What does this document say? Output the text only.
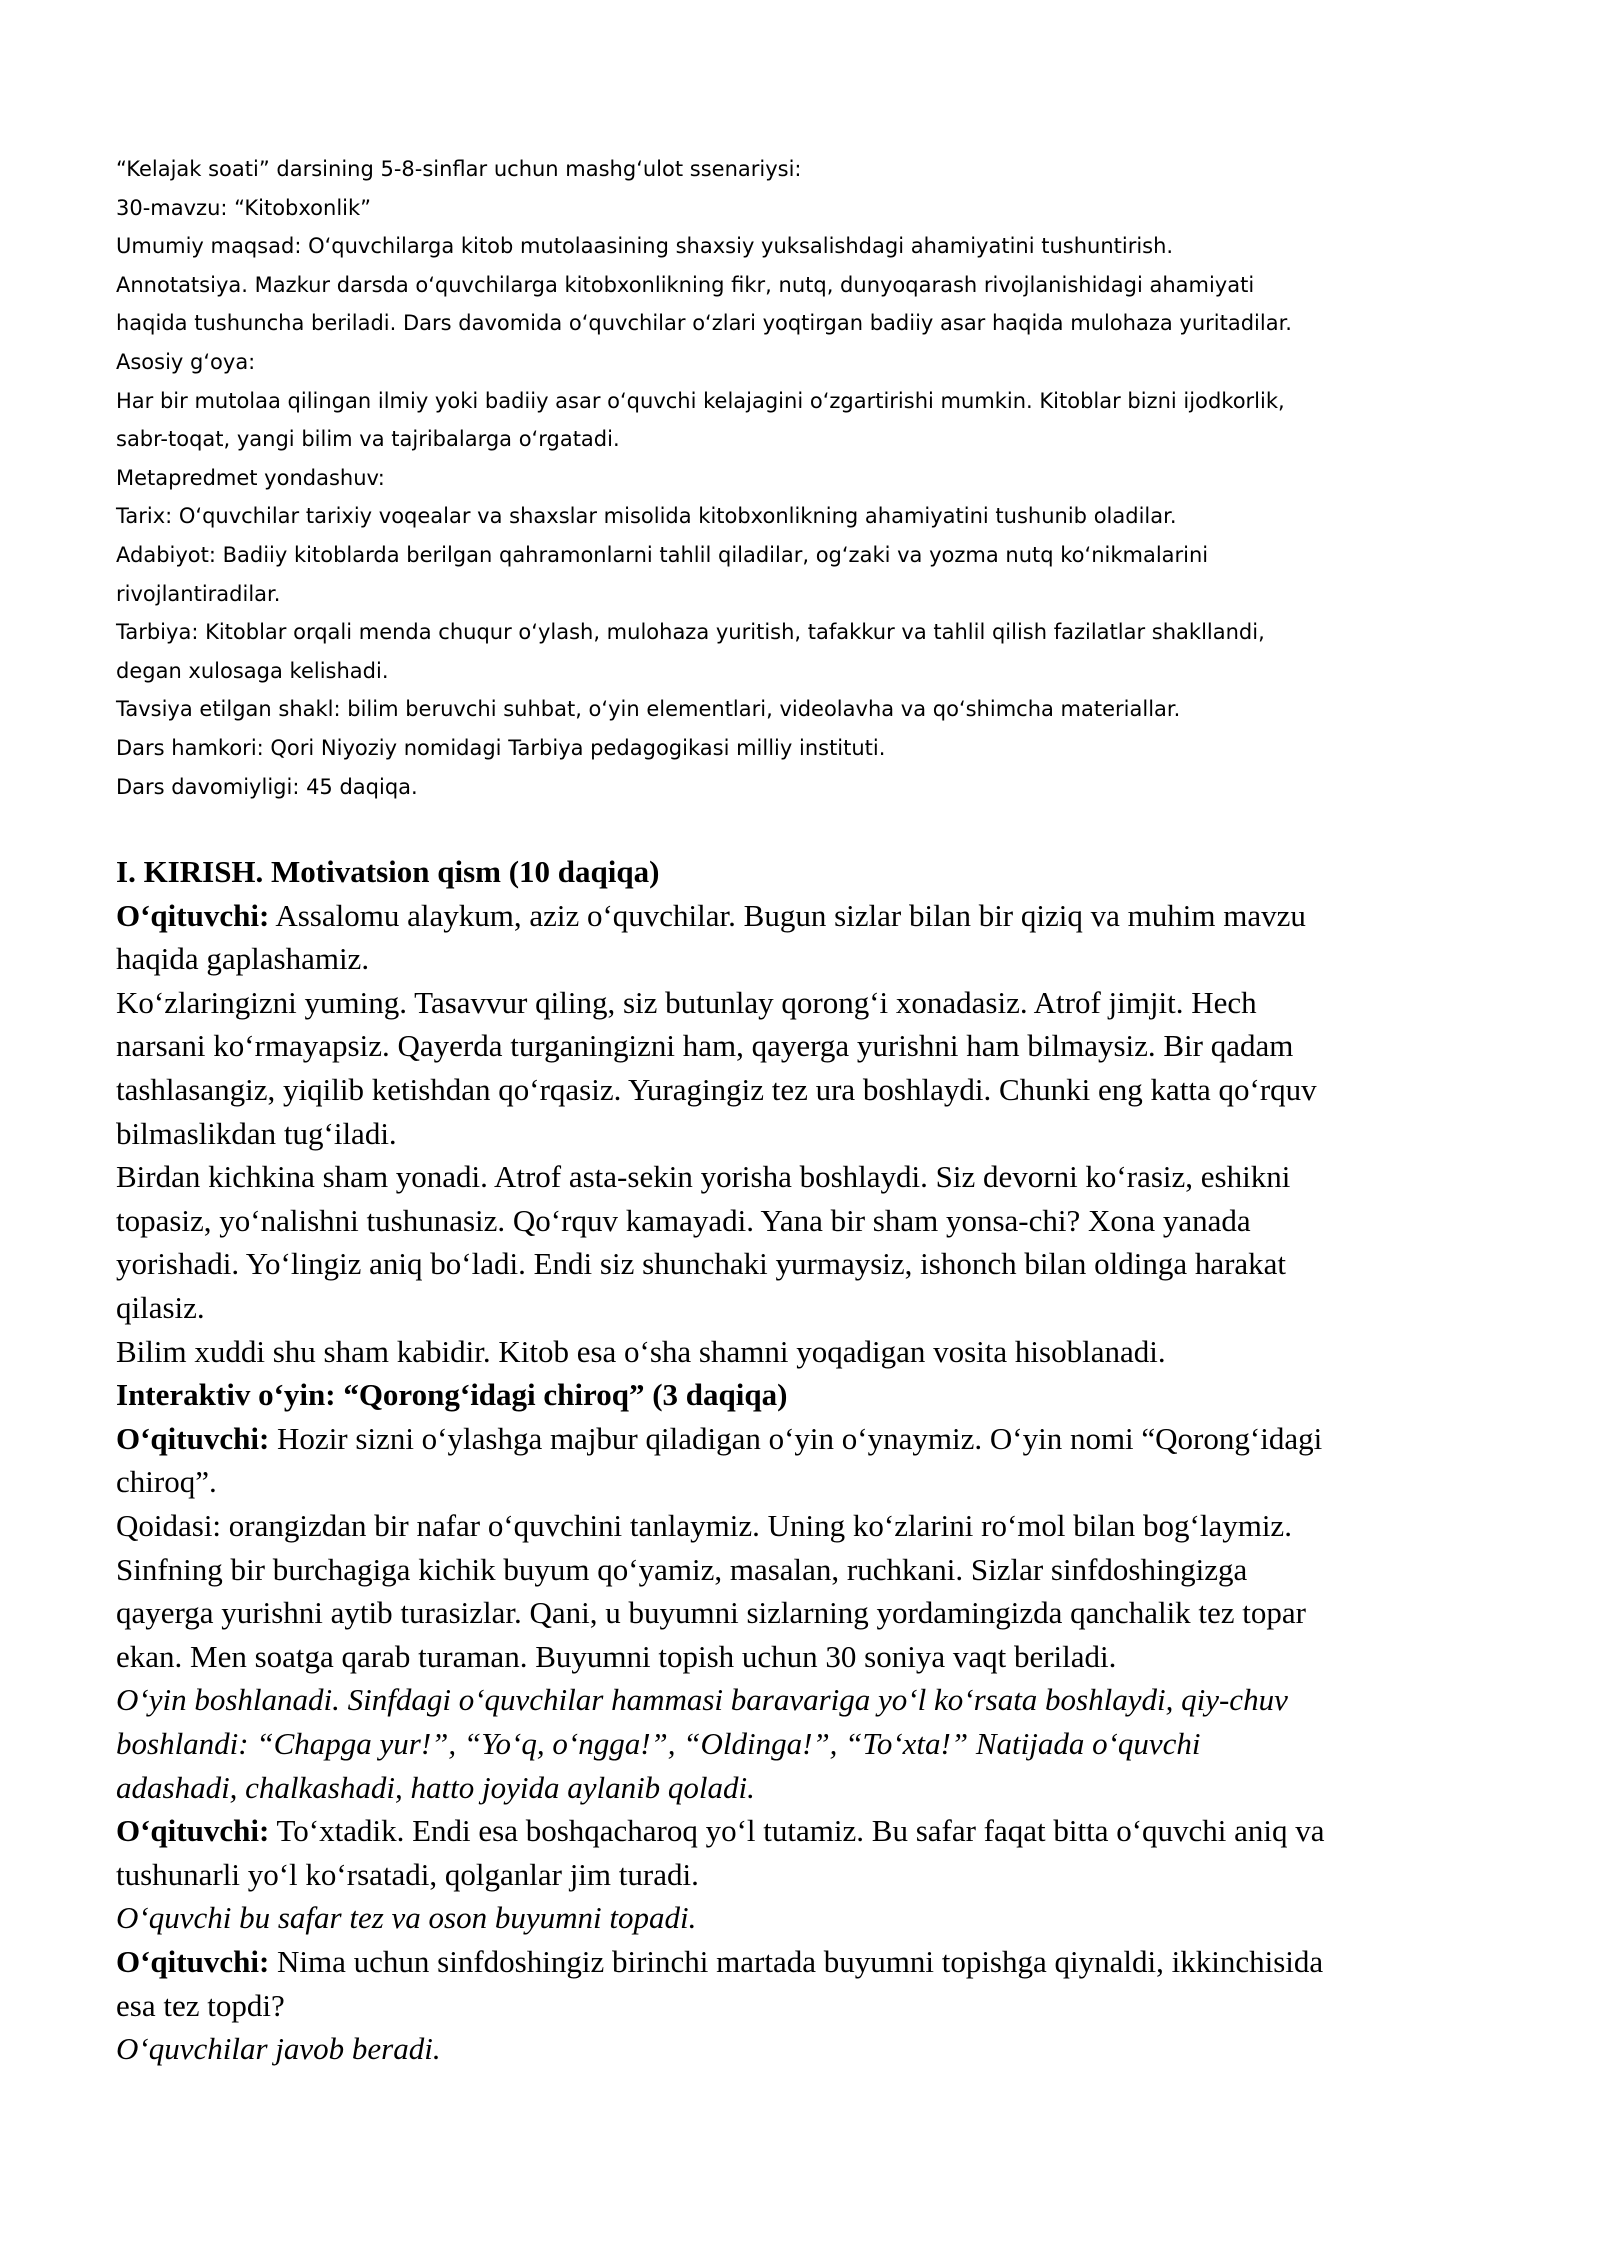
“Kelajak soati” darsining 5-8-sinflar uchun mashg‘ulot ssenariysi:

30-mavzu: “Kitobxonlik”

Umumiy maqsad: O‘quvchilarga kitob mutolaasining shaxsiy yuksalishdagi ahamiyatini tushuntirish.

Annotatsiya. Mazkur darsda o‘quvchilarga kitobxonlikning fikr, nutq, dunyoqarash rivojlanishidagi ahamiyati

haqida tushuncha beriladi. Dars davomida o‘quvchilar o‘zlari yoqtirgan badiiy asar haqida mulohaza yuritadilar.

Asosiy g‘oya:

Har bir mutolaa qilingan ilmiy yoki badiiy asar o‘quvchi kelajagini o‘zgartirishi mumkin. Kitoblar bizni ijodkorlik,

sabr-toqat, yangi bilim va tajribalarga o‘rgatadi.

Metapredmet yondashuv:

Tarix: O‘quvchilar tarixiy voqealar va shaxslar misolida kitobxonlikning ahamiyatini tushunib oladilar.

Adabiyot: Badiiy kitoblarda berilgan qahramonlarni tahlil qiladilar, og‘zaki va yozma nutq ko‘nikmalarini

rivojlantiradilar.

Tarbiya: Kitoblar orqali menda chuqur o‘ylash, mulohaza yuritish, tafakkur va tahlil qilish fazilatlar shakllandi,

degan xulosaga kelishadi.

Tavsiya etilgan shakl: bilim beruvchi suhbat, o‘yin elementlari, videolavha va qo‘shimcha materiallar.

Dars hamkori: Qori Niyoziy nomidagi Tarbiya pedagogikasi milliy instituti.

Dars davomiyligi: 45 daqiqa.

I. KIRISH. Motivatsion qism (10 daqiqa)

O‘qituvchi: Assalomu alaykum, aziz o‘quvchilar. Bugun sizlar bilan bir qiziq va muhim mavzu

haqida gaplashamiz.

Ko‘zlaringizni yuming. Tasavvur qiling, siz butunlay qorong‘i xonadasiz. Atrof jimjit. Hech

narsani ko‘rmayapsiz. Qayerda turganingizni ham, qayerga yurishni ham bilmaysiz. Bir qadam

tashlasangiz, yiqilib ketishdan qo‘rqasiz. Yuragingiz tez ura boshlaydi. Chunki eng katta qo‘rquv

bilmaslikdan tug‘iladi.

Birdan kichkina sham yonadi. Atrof asta-sekin yorisha boshlaydi. Siz devorni ko‘rasiz, eshikni

topasiz, yo‘nalishni tushunasiz. Qo‘rquv kamayadi. Yana bir sham yonsa-chi? Xona yanada

yorishadi. Yo‘lingiz aniq bo‘ladi. Endi siz shunchaki yurmaysiz, ishonch bilan oldinga harakat

qilasiz.

Bilim xuddi shu sham kabidir. Kitob esa o‘sha shamni yoqadigan vosita hisoblanadi.

Interaktiv o‘yin: “Qorong‘idagi chiroq” (3 daqiqa)

O‘qituvchi: Hozir sizni o‘ylashga majbur qiladigan o‘yin o‘ynaymiz. O‘yin nomi “Qorong‘idagi

chiroq”.

Qoidasi: orangizdan bir nafar o‘quvchini tanlaymiz. Uning ko‘zlarini ro‘mol bilan bog‘laymiz.

Sinfning bir burchagiga kichik buyum qo‘yamiz, masalan, ruchkani. Sizlar sinfdoshingizga

qayerga yurishni aytib turasizlar. Qani, u buyumni sizlarning yordamingizda qanchalik tez topar

ekan. Men soatga qarab turaman. Buyumni topish uchun 30 soniya vaqt beriladi.

O‘yin boshlanadi. Sinfdagi o‘quvchilar hammasi baravariga yo‘l ko‘rsata boshlaydi, qiy-chuv

boshlandi: “Chapga yur!”, “Yo‘q, o‘ngga!”, “Oldinga!”, “To‘xta!” Natijada o‘quvchi

adashadi, chalkashadi, hatto joyida aylanib qoladi.

O‘qituvchi: To‘xtadik. Endi esa boshqacharoq yo‘l tutamiz. Bu safar faqat bitta o‘quvchi aniq va

tushunarli yo‘l ko‘rsatadi, qolganlar jim turadi.

O‘quvchi bu safar tez va oson buyumni topadi.

O‘qituvchi: Nima uchun sinfdoshingiz birinchi martada buyumni topishga qiynaldi, ikkinchisida

esa tez topdi?

O‘quvchilar javob beradi.
